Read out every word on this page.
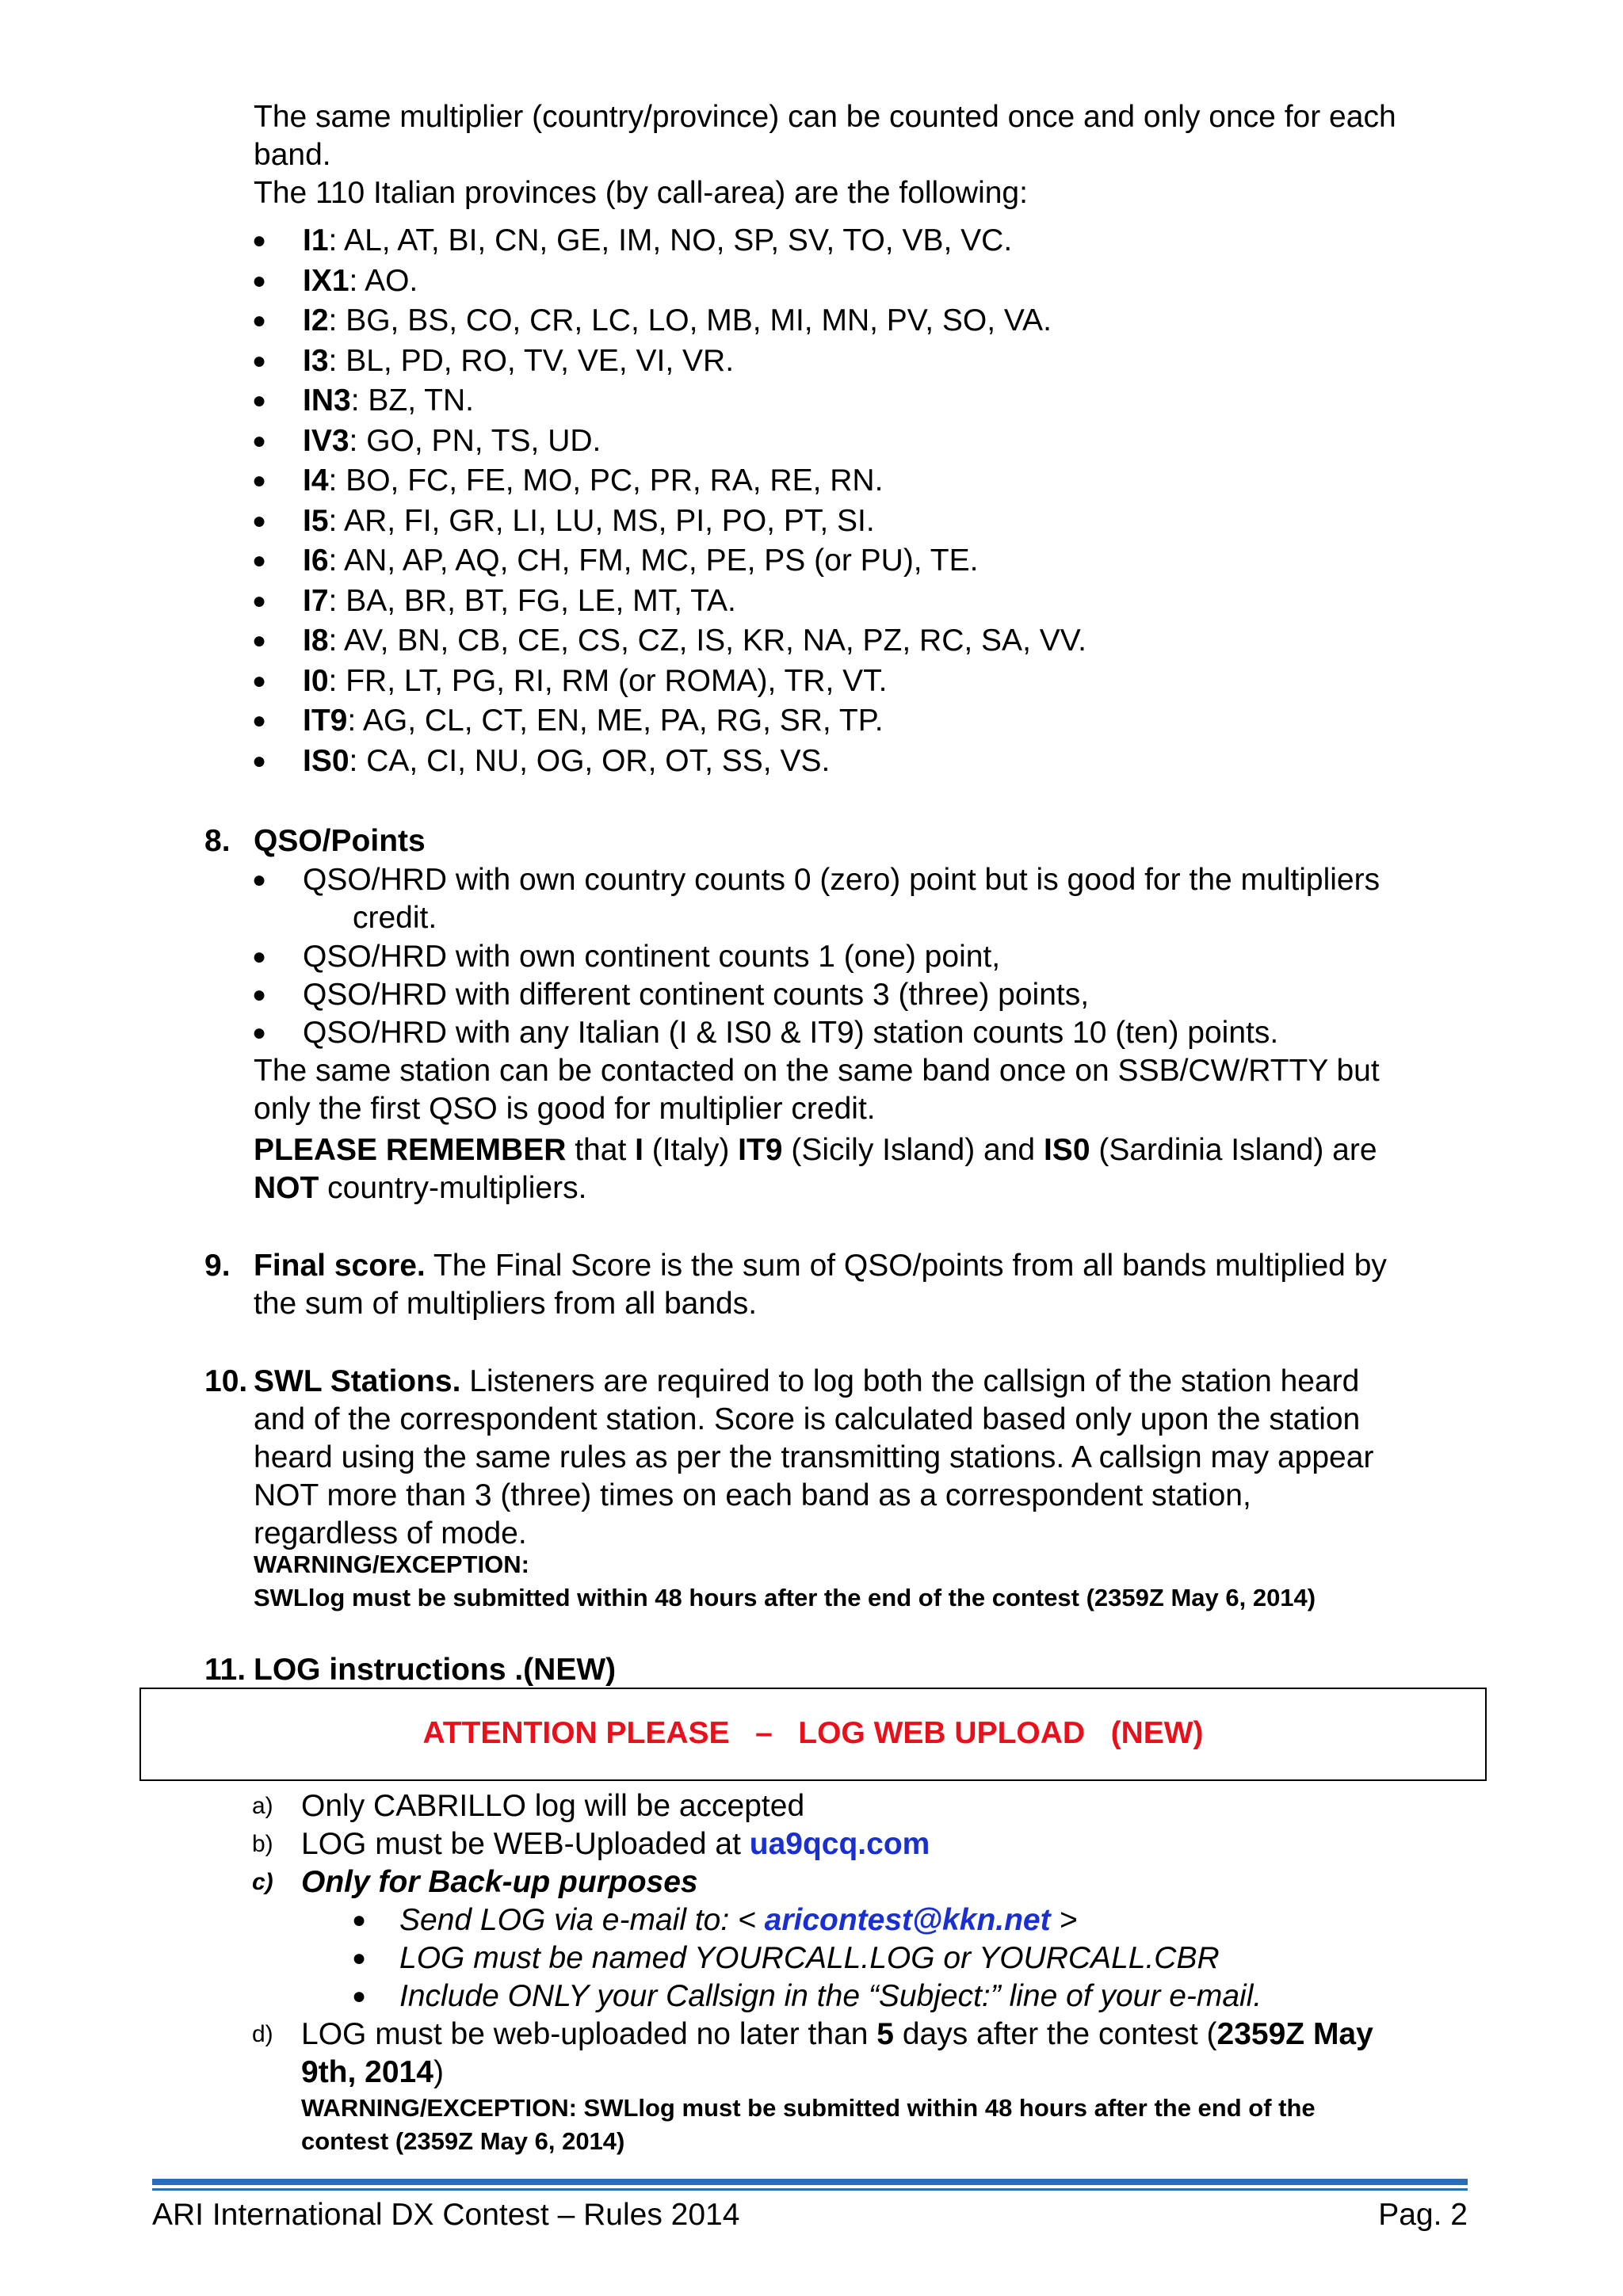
The same multiplier (country/province) can be counted once and only once for each
band.
The 110 Italian provinces (by call-area) are the following:
● I1: AL, AT, BI, CN, GE, IM, NO, SP, SV, TO, VB, VC.
● IX1: AO.
● I2: BG, BS, CO, CR, LC, LO, MB, MI, MN, PV, SO, VA.
● I3: BL, PD, RO, TV, VE, VI, VR.
● IN3: BZ, TN.
● IV3: GO, PN, TS, UD.
● I4: BO, FC, FE, MO, PC, PR, RA, RE, RN.
● I5: AR, FI, GR, LI, LU, MS, PI, PO, PT, SI.
● I6: AN, AP, AQ, CH, FM, MC, PE, PS (or PU), TE.
● I7: BA, BR, BT, FG, LE, MT, TA.
● I8: AV, BN, CB, CE, CS, CZ, IS, KR, NA, PZ, RC, SA, VV.
● I0: FR, LT, PG, RI, RM (or ROMA), TR, VT.
● IT9: AG, CL, CT, EN, ME, PA, RG, SR, TP.
● IS0: CA, CI, NU, OG, OR, OT, SS, VS.
8. QSO/Points
● QSO/HRD with own country counts 0 (zero) point but is good for the multipliers
credit.
● QSO/HRD with own continent counts 1 (one) point,
● QSO/HRD with different continent counts 3 (three) points,
● QSO/HRD with any Italian (I & IS0 & IT9) station counts 10 (ten) points.
The same station can be contacted on the same band once on SSB/CW/RTTY but
only the first QSO is good for multiplier credit.
PLEASE REMEMBER that I (Italy) IT9 (Sicily Island) and IS0 (Sardinia Island) are
NOT country-multipliers.
9. Final score. The Final Score is the sum of QSO/points from all bands multiplied by
the sum of multipliers from all bands.
10. SWL Stations. Listeners are required to log both the callsign of the station heard
and of the correspondent station. Score is calculated based only upon the station
heard using the same rules as per the transmitting stations. A callsign may appear
NOT more than 3 (three) times on each band as a correspondent station,
regardless of mode.
WARNING/EXCEPTION:
SWLlog must be submitted within 48 hours after the end of the contest (2359Z May 6, 2014)
11. LOG instructions .(NEW)
ATTENTION PLEASE   –   LOG WEB UPLOAD   (NEW)
a) Only CABRILLO log will be accepted
b) LOG must be WEB-Uploaded at ua9qcq.com
c) Only for Back-up purposes
● Send LOG via e-mail to: < aricontest@kkn.net >
● LOG must be named YOURCALL.LOG or YOURCALL.CBR
● Include ONLY your Callsign in the “Subject:” line of your e-mail.
d) LOG must be web-uploaded no later than 5 days after the contest (2359Z May
9th, 2014)
WARNING/EXCEPTION: SWLlog must be submitted within 48 hours after the end of the
contest (2359Z May 6, 2014)
ARI International DX Contest – Rules 2014	Pag. 2
